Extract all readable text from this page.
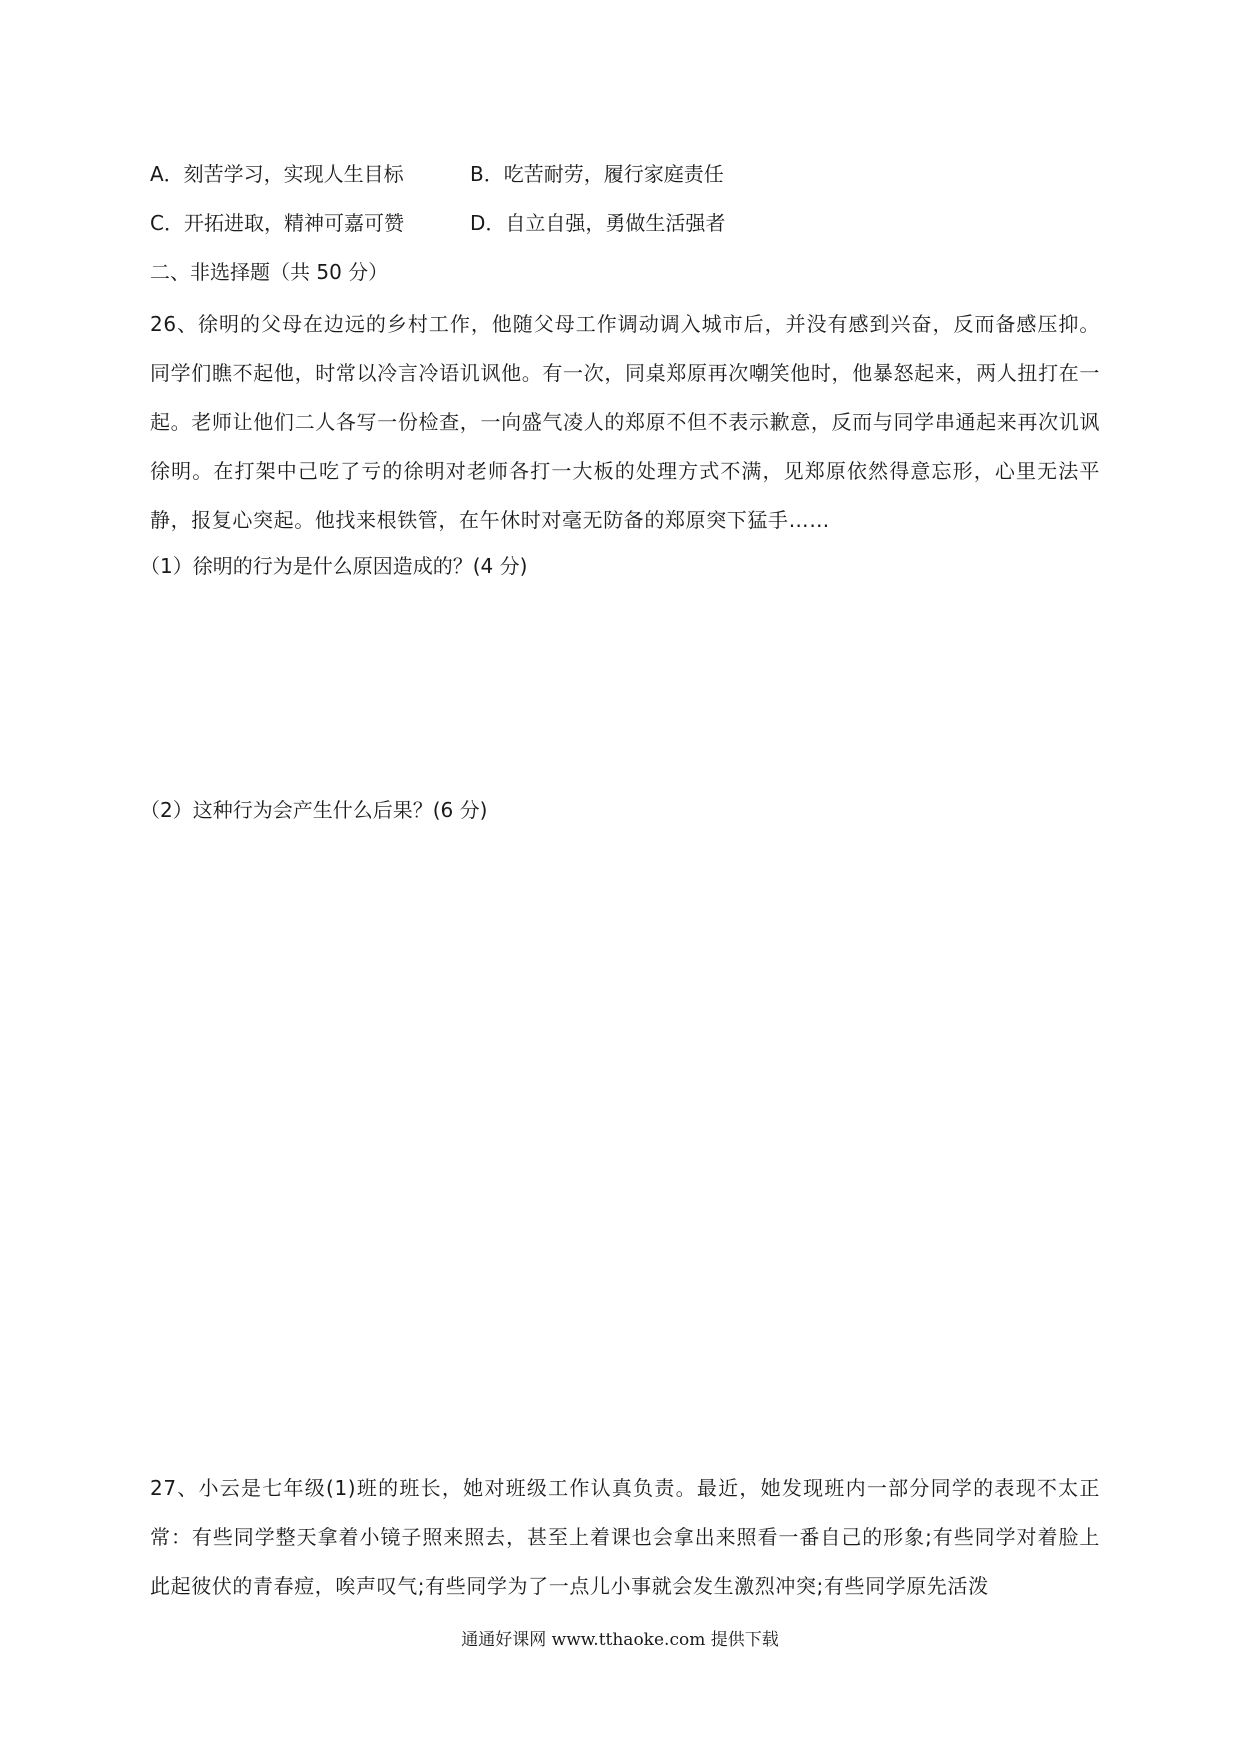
A．刻苦学习，实现人生目标	B．吃苦耐劳，履行家庭责任
C．开拓进取，精神可嘉可赞	D．自立自强，勇做生活强者
二、非选择题（共 50 分）
26、徐明的父母在边远的乡村工作，他随父母工作调动调入城市后，并没有感到兴奋，反而备感压抑。同学们瞧不起他，时常以冷言冷语讥讽他。有一次，同桌郑原再次嘲笑他时，他暴怒起来，两人扭打在一起。老师让他们二人各写一份检查，一向盛气凌人的郑原不但不表示歉意，反而与同学串通起来再次讥讽徐明。在打架中己吃了亏的徐明对老师各打一大板的处理方式不满，见郑原依然得意忘形，心里无法平静，报复心突起。他找来根铁管，在午休时对毫无防备的郑原突下猛手……
（1）徐明的行为是什么原因造成的？(4 分)
（2）这种行为会产生什么后果？(6 分)
27、小云是七年级(1)班的班长，她对班级工作认真负责。最近，她发现班内一部分同学的表现不太正常：有些同学整天拿着小镜子照来照去，甚至上着课也会拿出来照看一番自己的形象;有些同学对着脸上此起彼伏的青春痘，唉声叹气;有些同学为了一点儿小事就会发生激烈冲突;有些同学原先活泼
通通好课网 www.tthaoke.com 提供下载
